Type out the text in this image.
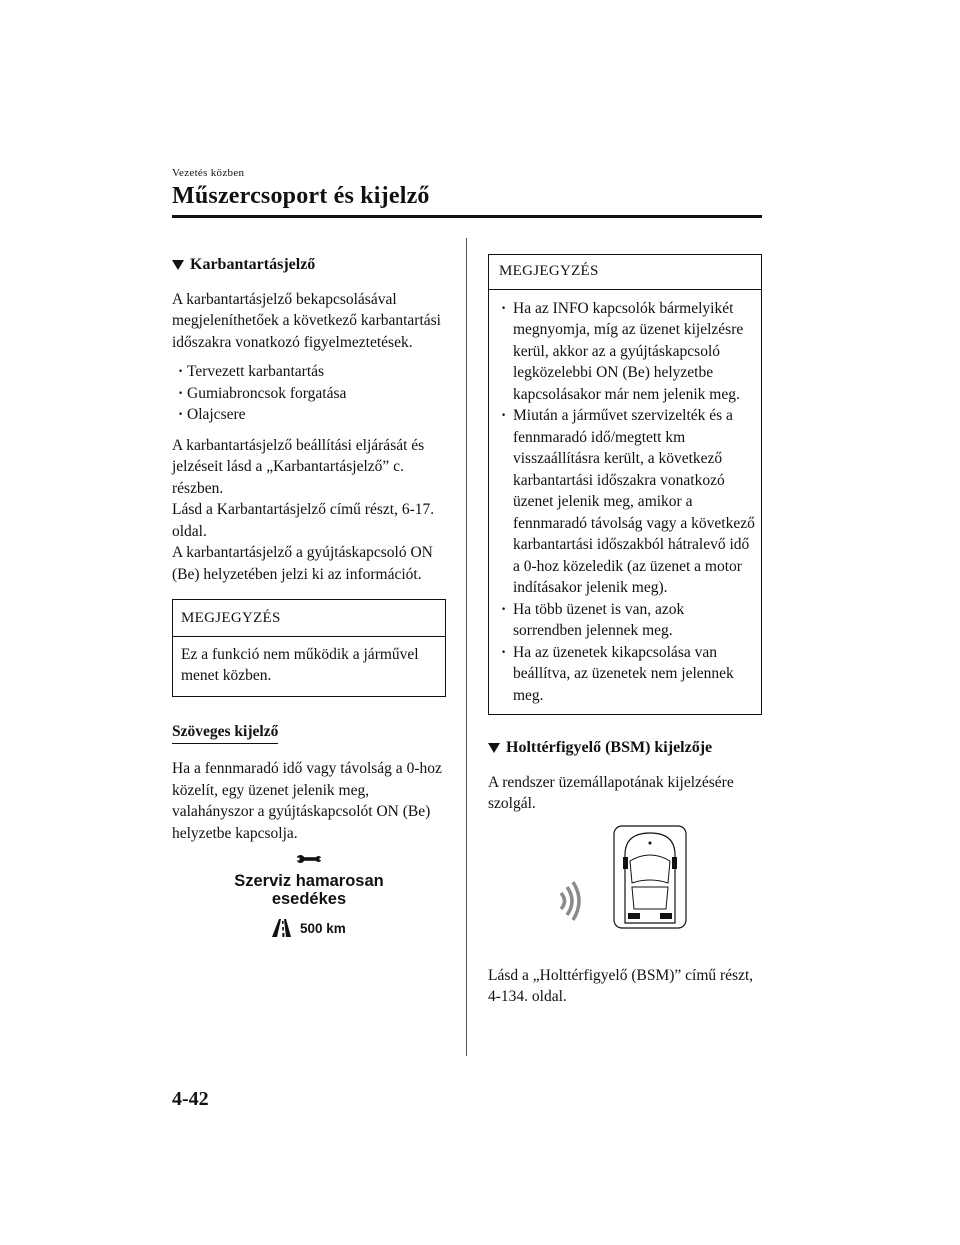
Vezetés közben
Műszercsoport és kijelző
Karbantartásjelző

A karbantartásjelző bekapcsolásával megjeleníthetőek a következő karbantartási időszakra vonatkozó figyelmeztetések.

· Tervezett karbantartás
· Gumiabroncsok forgatása
· Olajcsere

A karbantartásjelző beállítási eljárását és jelzéseit lásd a „Karbantartásjelző” c. részben.

Lásd a Karbantartásjelző című részt, 6-17. oldal.

A karbantartásjelző a gyújtáskapcsoló ON (Be) helyzetében jelzi ki az információt.

MEGJEGYZÉS
Ez a funkció nem működik a járművel menet közben.
Szöveges kijelző

Ha a fennmaradó idő vagy távolság a 0-hoz közelít, egy üzenet jelenik meg, valahányszor a gyújtáskapcsolót ON (Be) helyzetbe kapcsolja.

Szerviz hamarosan
esedékes
500 km
MEGJEGYZÉS
· Ha az INFO kapcsolók bármelyikét megnyomja, míg az üzenet kijelzésre kerül, akkor az a gyújtáskapcsoló legközelebbi ON (Be) helyzetbe kapcsolásakor már nem jelenik meg.
· Miután a járművet szervizelték és a fennmaradó idő/megtett km visszaállításra került, a következő karbantartási időszakra vonatkozó üzenet jelenik meg, amikor a fennmaradó távolság vagy a következő karbantartási időszakból hátralevő idő a 0-hoz közeledik (az üzenet a motor indításakor jelenik meg).
· Ha több üzenet is van, azok sorrendben jelennek meg.
· Ha az üzenetek kikapcsolása van beállítva, az üzenetek nem jelennek meg.
Holttérfigyelő (BSM) kijelzője

A rendszer üzemállapotának kijelzésére szolgál.

Lásd a „Holttérfigyelő (BSM)” című részt, 4-134. oldal.

4-42
